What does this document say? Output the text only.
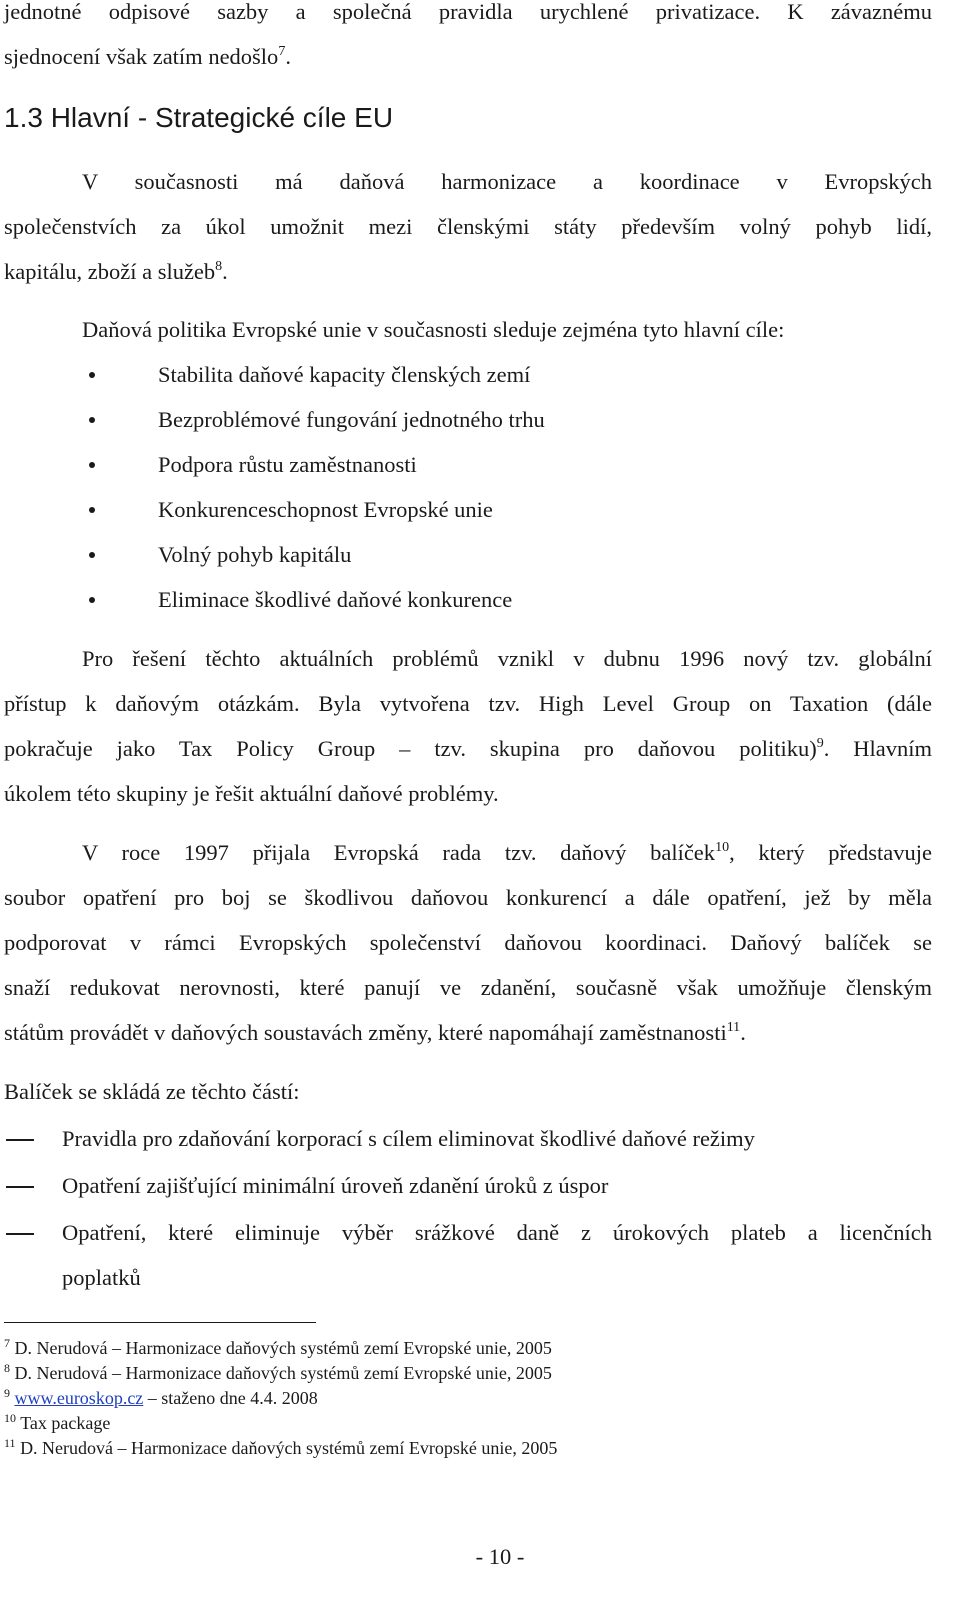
jednotné odpisové sazby a společná pravidla urychlené privatizace. K závaznému
sjednocení však zatím nedošlo$^7$.
1.3 Hlavní - Strategické cíle EU
V současnosti má daňová harmonizace a koordinace v Evropských
společenstvích za úkol umožnit mezi členskými státy především volný pohyb lidí,
kapitálu, zboží a služeb$^8$.
Daňová politika Evropské unie v současnosti sleduje zejména tyto hlavní cíle:
Stabilita daňové kapacity členských zemí
Bezproblémové fungování jednotného trhu
Podpora růstu zaměstnanosti
Konkurenceschopnost Evropské unie
Volný pohyb kapitálu
Eliminace škodlivé daňové konkurence
Pro řešení těchto aktuálních problémů vznikl v dubnu 1996 nový tzv. globální
přístup k daňovým otázkám. Byla vytvořena tzv. High Level Group on Taxation (dále
pokračuje jako Tax Policy Group – tzv. skupina pro daňovou politiku)$^9$. Hlavním
úkolem této skupiny je řešit aktuální daňové problémy.
V roce 1997 přijala Evropská rada tzv. daňový balíček$^{10}$, který představuje
soubor opatření pro boj se škodlivou daňovou konkurencí a dále opatření, jež by měla
podporovat v rámci Evropských společenství daňovou koordinaci. Daňový balíček se
snaží redukovat nerovnosti, které panují ve zdanění, současně však umožňuje členským
státům provádět v daňových soustavách změny, které napomáhají zaměstnanosti$^{11}$.
Balíček se skládá ze těchto částí:
Pravidla pro zdaňování korporací s cílem eliminovat škodlivé daňové režimy
Opatření zajišťující minimální úroveň zdanění úroků z úspor
Opatření, které eliminuje výběr srážkové daně z úrokových plateb a licenčních
poplatků
$^7$ D. Nerudová – Harmonizace daňových systémů zemí Evropské unie, 2005
$^8$ D. Nerudová – Harmonizace daňových systémů zemí Evropské unie, 2005
$^9$ www.euroskop.cz – staženo dne 4.4. 2008
$^{10}$ Tax package
$^{11}$ D. Nerudová – Harmonizace daňových systémů zemí Evropské unie, 2005
- 10 -
